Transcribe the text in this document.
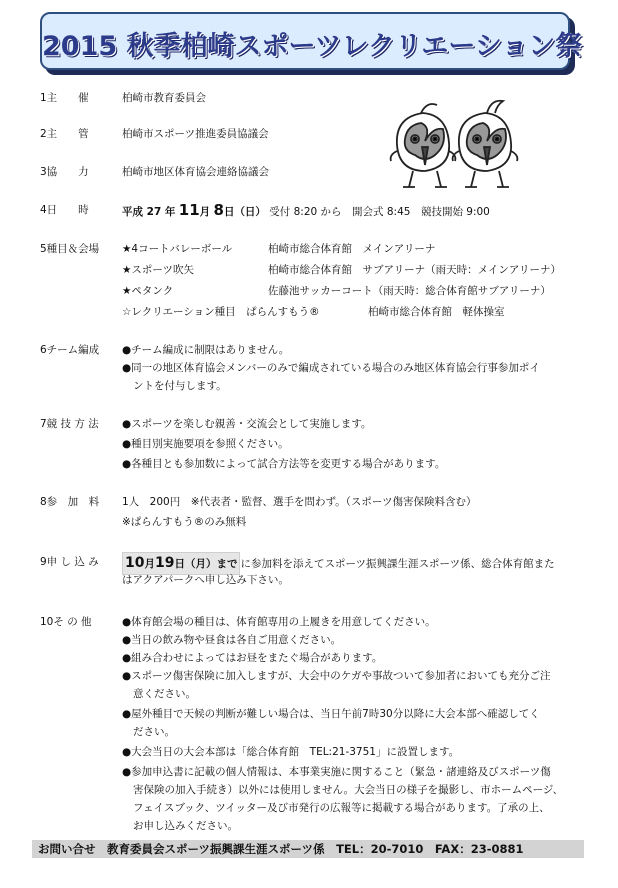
2015 秋季柏崎スポーツレクリエーション祭
1主　　催	柏崎市教育委員会
2主　　管	柏崎市スポーツ推進委員協議会
3協　　力	柏崎市地区体育協会連絡協議会
4日　　時	平成 27 年 11月 8日（日） 受付 8:20 から　開会式 8:45　競技開始 9:00
5種目＆会場	★4コートバレーボール	柏崎市総合体育館　メインアリーナ
★スポーツ吹矢	柏崎市総合体育館　サブアリーナ（雨天時：メインアリーナ）
★ペタンク	佐藤池サッカーコート（雨天時：総合体育館サブアリーナ）
☆レクリエーション種目　ぱらんすもう®	柏崎市総合体育館　軽体操室
6チーム編成	●チーム編成に制限はありません。
●同一の地区体育協会メンバーのみで編成されている場合のみ地区体育協会行事参加ポイ
ントを付与します。
7競 技 方 法	●スポーツを楽しむ親善・交流会として実施します。
●種目別実施要項を参照ください。
●各種目とも参加数によって試合方法等を変更する場合があります。
8参　加　料	1人　200円　※代表者・監督、選手を問わず。（スポーツ傷害保険料含む）
※ぱらんすもう®のみ無料
9申 し 込 み	10月19日（月）まで に参加料を添えてスポーツ振興課生涯スポーツ係、総合体育館また
はアクアパークへ申し込み下さい。
10そ の 他	●体育館会場の種目は、体育館専用の上履きを用意してください。
●当日の飲み物や昼食は各自ご用意ください。
●組み合わせによってはお昼をまたぐ場合があります。
●スポーツ傷害保険に加入しますが、大会中のケガや事故ついて参加者においても充分ご注
意ください。
●屋外種目で天候の判断が難しい場合は、当日午前7時30分以降に大会本部へ確認してく
ださい。
●大会当日の大会本部は「総合体育館　TEL:21-3751」に設置します。
●参加申込書に記載の個人情報は、本事業実施に関すること（緊急・諸連絡及びスポーツ傷
害保険の加入手続き）以外には使用しません。大会当日の様子を撮影し、市ホームページ、
フェイスブック、ツイッター及び市発行の広報等に掲載する場合があります。了承の上、
お申し込みください。
お問い合せ　教育委員会スポーツ振興課生涯スポーツ係　TEL：20-7010　FAX：23-0881
